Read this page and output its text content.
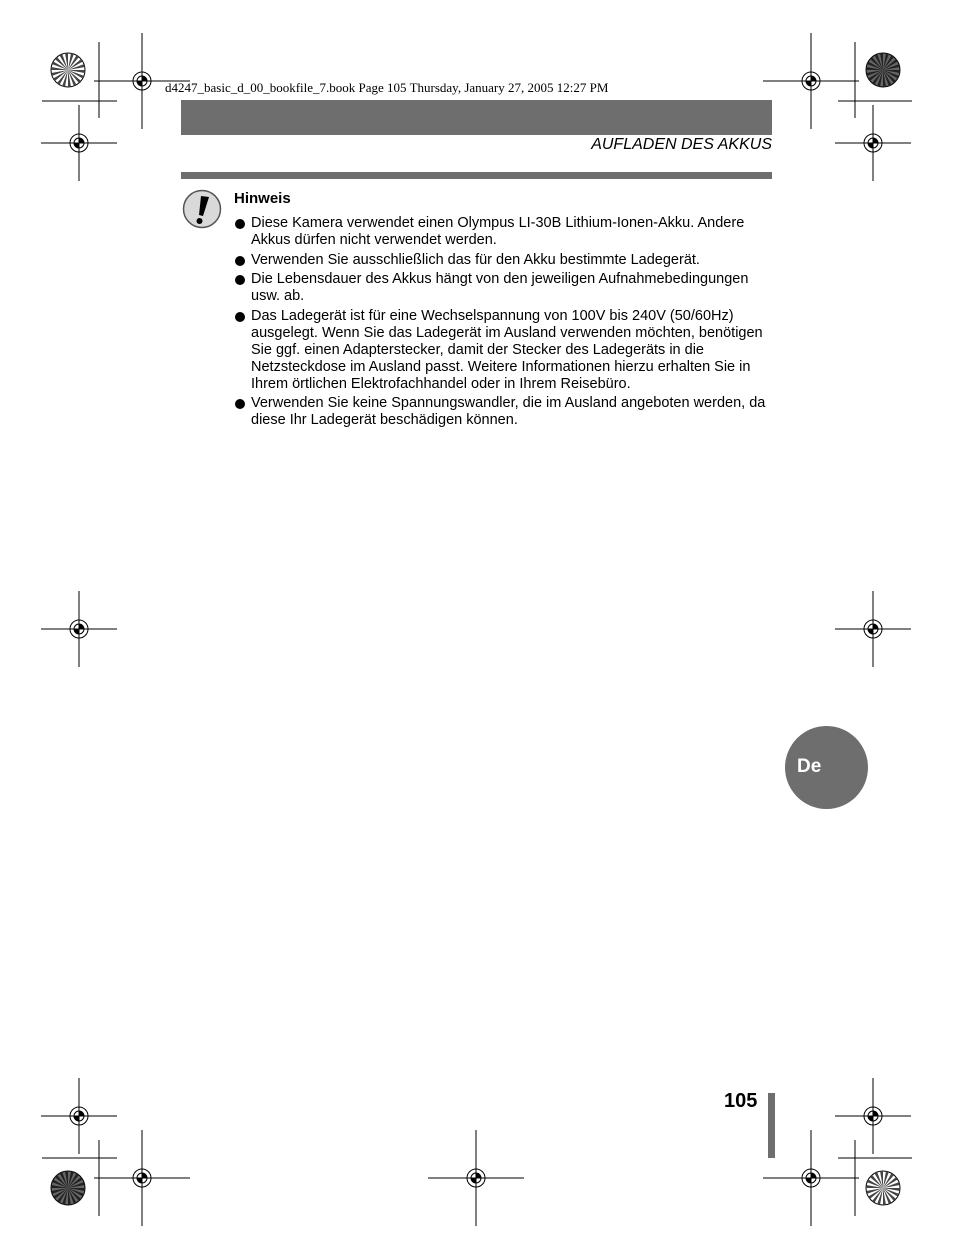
d4247_basic_d_00_bookfile_7.book Page 105 Thursday, January 27, 2005 12:27 PM
AUFLADEN DES AKKUS
Hinweis
Diese Kamera verwendet einen Olympus LI-30B Lithium-Ionen-Akku. Andere Akkus dürfen nicht verwendet werden.
Verwenden Sie ausschließlich das für den Akku bestimmte Ladegerät.
Die Lebensdauer des Akkus hängt von den jeweiligen Aufnahmebedingungen usw. ab.
Das Ladegerät ist für eine Wechselspannung von 100V bis 240V (50/60Hz) ausgelegt. Wenn Sie das Ladegerät im Ausland verwenden möchten, benötigen Sie ggf. einen Adapterstecker, damit der Stecker des Ladegeräts in die Netzsteckdose im Ausland passt. Weitere Informationen hierzu erhalten Sie in Ihrem örtlichen Elektrofachhandel oder in Ihrem Reisebüro.
Verwenden Sie keine Spannungswandler, die im Ausland angeboten werden, da diese Ihr Ladegerät beschädigen können.
De
105
